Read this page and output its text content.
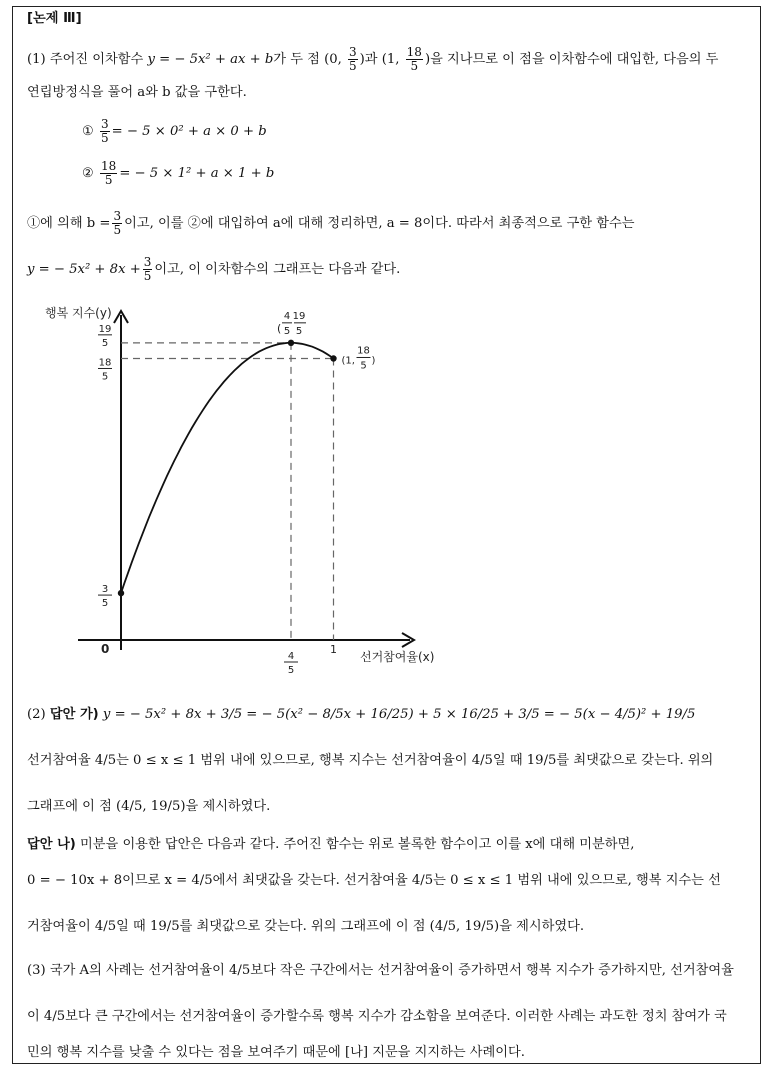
[논제 Ⅲ]
(1) 주어진 이차함수 y = − 5x² + ax + b가 두 점 (0, $\frac{3}{5}$ )과 (1, $\frac{18}{5}$ )을 지나므로 이 점을 이차함수에 대입한, 다음의 두
연립방정식을 풀어 a와 b 값을 구한다.
① $\frac{3}{5}$ = − 5 × 0² + a × 0 + b
② $\frac{18}{5}$ = − 5 × 1² + a × 1 + b
①에 의해 $b = \frac{3}{5}$ 이고, 이를 ②에 대입하여 a에 대해 정리하면, a = 8이다. 따라서 최종적으로 구한 함수는
y = − $5x^2 + 8x + \frac{3}{5}$ 이고, 이 이차함수의 그래프는 다음과 같다.
행복 지수(y)
선거참여율(x)
0
4
5
1
3
5
18
5
19
5
4 19
( 5 5
(1,
18
5 )
(2) 답안 가) y = − 5x² + 8x + 3/5 = − 5(x² − 8/5x + 16/25) + 5 × 16/25 + 3/5 = − 5(x − 4/5)² + 19/5
선거참여율 4/5는 0 ≤ x ≤ 1 범위 내에 있으므로, 행복 지수는 선거참여율이 4/5일 때 19/5를 최댓값으로 갖는다. 위의
그래프에 이 점 (4/5, 19/5)을 제시하였다.
답안 나) 미분을 이용한 답안은 다음과 같다. 주어진 함수는 위로 볼록한 함수이고 이를 x에 대해 미분하면,
0 = − 10x + 8이므로 x = 4/5에서 최댓값을 갖는다. 선거참여율 4/5는 0 ≤ x ≤ 1 범위 내에 있으므로, 행복 지수는 선
거참여율이 4/5일 때 19/5를 최댓값으로 갖는다. 위의 그래프에 이 점 (4/5, 19/5)을 제시하였다.
(3) 국가 A의 사례는 선거참여율이 4/5보다 작은 구간에서는 선거참여율이 증가하면서 행복 지수가 증가하지만, 선거참여율
이 4/5보다 큰 구간에서는 선거참여율이 증가할수록 행복 지수가 감소함을 보여준다. 이러한 사례는 과도한 정치 참여가 국
민의 행복 지수를 낮출 수 있다는 점을 보여주기 때문에 [나] 지문을 지지하는 사례이다.
